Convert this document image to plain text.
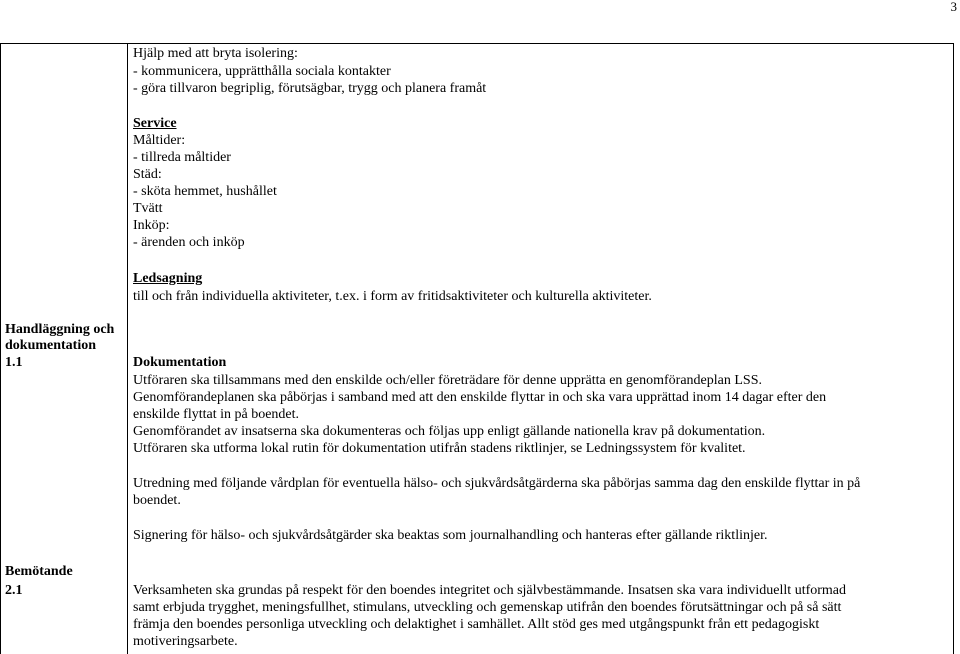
3
Hjälp med att bryta isolering:
- kommunicera, upprätthålla sociala kontakter
- göra tillvaron begriplig, förutsägbar, trygg och planera framåt
Service
Måltider:
- tillreda måltider
Städ:
- sköta hemmet, hushållet
Tvätt
Inköp:
- ärenden och inköp
Ledsagning
till och från individuella aktiviteter, t.ex. i form av fritidsaktiviteter och kulturella aktiviteter.
Handläggning och
dokumentation
1.1	Dokumentation
Utföraren ska tillsammans med den enskilde och/eller företrädare för denne upprätta en genomförandeplan LSS.
Genomförandeplanen ska påbörjas i samband med att den enskilde flyttar in och ska vara upprättad inom 14 dagar efter den
enskilde flyttat in på boendet.
Genomförandet av insatserna ska dokumenteras och följas upp enligt gällande nationella krav på dokumentation.
Utföraren ska utforma lokal rutin för dokumentation utifrån stadens riktlinjer, se Ledningssystem för kvalitet.
Utredning med följande vårdplan för eventuella hälso- och sjukvårdsåtgärderna ska påbörjas samma dag den enskilde flyttar in på
boendet.
Signering för hälso- och sjukvårdsåtgärder ska beaktas som journalhandling och hanteras efter gällande riktlinjer.
Bemötande
2.1	Verksamheten ska grundas på respekt för den boendes integritet och självbestämmande. Insatsen ska vara individuellt utformad
samt erbjuda trygghet, meningsfullhet, stimulans, utveckling och gemenskap utifrån den boendes förutsättningar och på så sätt
främja den boendes personliga utveckling och delaktighet i samhället. Allt stöd ges med utgångspunkt från ett pedagogiskt
motiveringsarbete.
